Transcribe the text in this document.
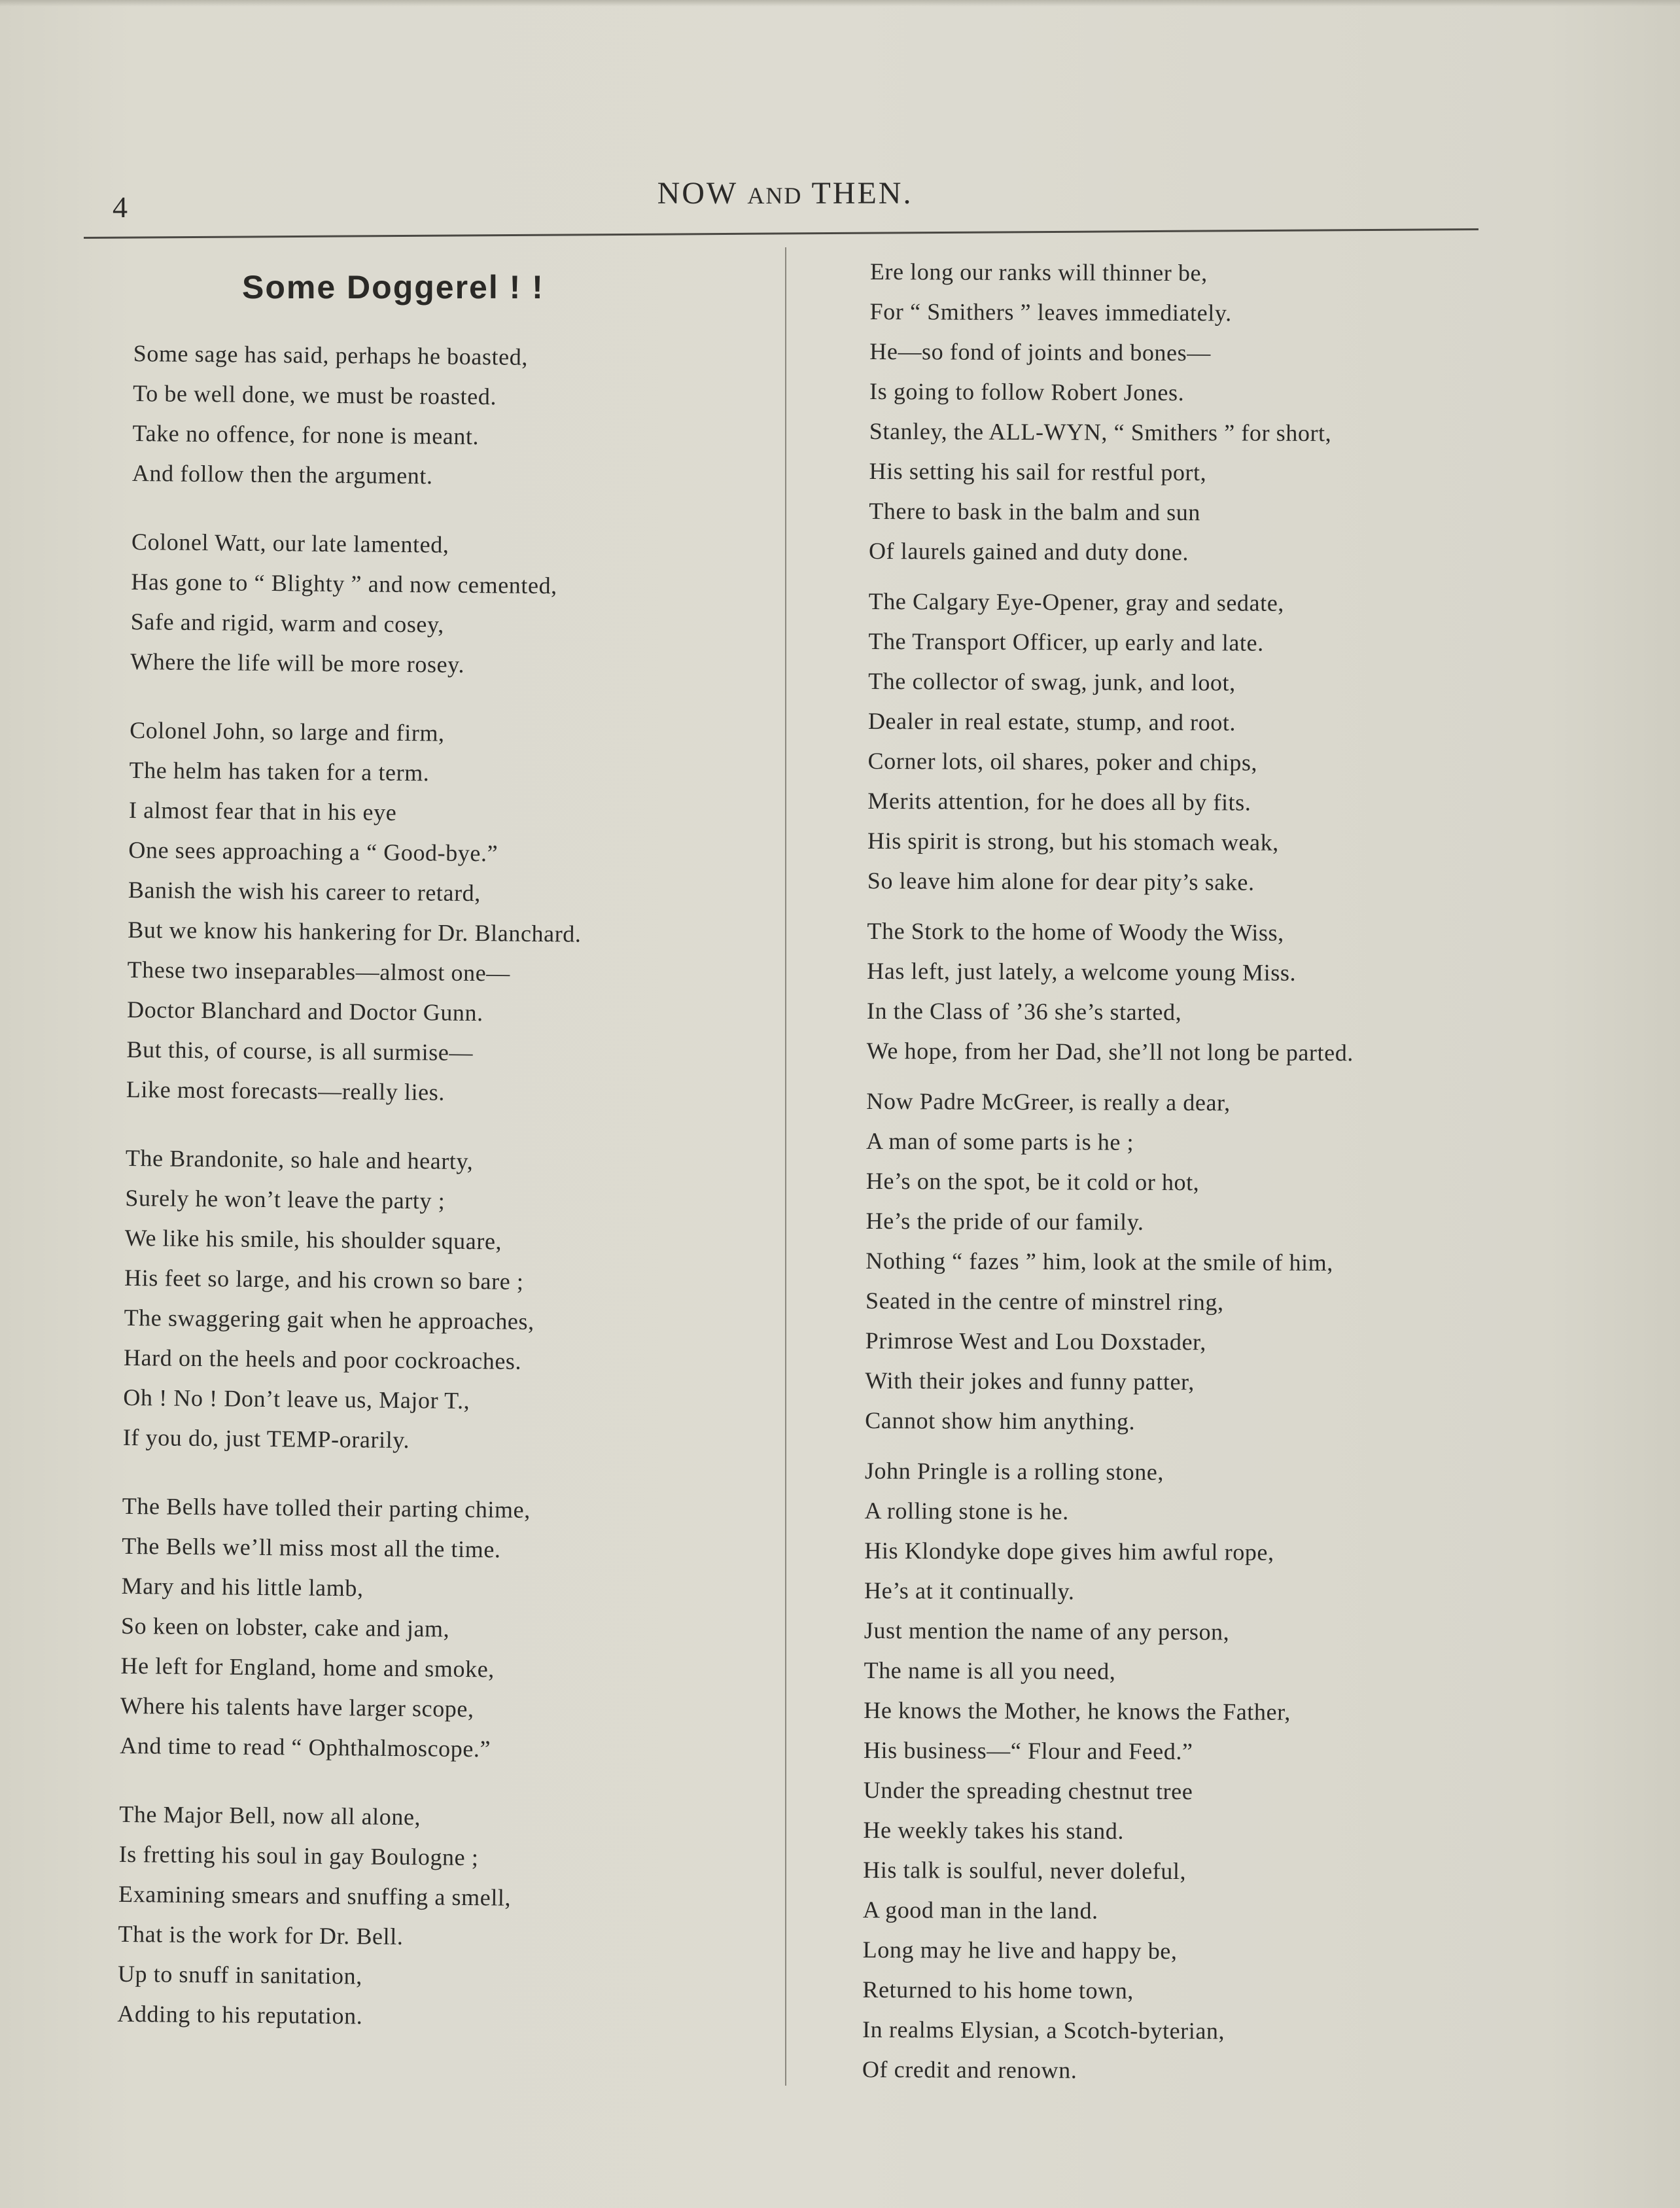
4	NOW AND THEN.
Some Doggerel ! !
Some sage has said, perhaps he boasted,
To be well done, we must be roasted.
Take no offence, for none is meant.
And follow then the argument.
Colonel Watt, our late lamented,
Has gone to “ Blighty ” and now cemented,
Safe and rigid, warm and cosey,
Where the life will be more rosey.
Colonel John, so large and firm,
The helm has taken for a term.
I almost fear that in his eye
One sees approaching a “ Good-bye.”
Banish the wish his career to retard,
But we know his hankering for Dr. Blanchard.
These two inseparables—almost one—
Doctor Blanchard and Doctor Gunn.
But this, of course, is all surmise—
Like most forecasts—really lies.
The Brandonite, so hale and hearty,
Surely he won’t leave the party ;
We like his smile, his shoulder square,
His feet so large, and his crown so bare ;
The swaggering gait when he approaches,
Hard on the heels and poor cockroaches.
Oh ! No ! Don’t leave us, Major T.,
If you do, just TEMP-orarily.
The Bells have tolled their parting chime,
The Bells we’ll miss most all the time.
Mary and his little lamb,
So keen on lobster, cake and jam,
He left for England, home and smoke,
Where his talents have larger scope,
And time to read “ Ophthalmoscope.”
The Major Bell, now all alone,
Is fretting his soul in gay Boulogne ;
Examining smears and snuffing a smell,
That is the work for Dr. Bell.
Up to snuff in sanitation,
Adding to his reputation.
Ere long our ranks will thinner be,
For “ Smithers ” leaves immediately.
He—so fond of joints and bones—
Is going to follow Robert Jones.
Stanley, the ALL-WYN, “ Smithers ” for short,
His setting his sail for restful port,
There to bask in the balm and sun
Of laurels gained and duty done.
The Calgary Eye-Opener, gray and sedate,
The Transport Officer, up early and late.
The collector of swag, junk, and loot,
Dealer in real estate, stump, and root.
Corner lots, oil shares, poker and chips,
Merits attention, for he does all by fits.
His spirit is strong, but his stomach weak,
So leave him alone for dear pity’s sake.
The Stork to the home of Woody the Wiss,
Has left, just lately, a welcome young Miss.
In the Class of ’36 she’s started,
We hope, from her Dad, she’ll not long be parted.
Now Padre McGreer, is really a dear,
A man of some parts is he ;
He’s on the spot, be it cold or hot,
He’s the pride of our family.
Nothing “ fazes ” him, look at the smile of him,
Seated in the centre of minstrel ring,
Primrose West and Lou Doxstader,
With their jokes and funny patter,
Cannot show him anything.
John Pringle is a rolling stone,
A rolling stone is he.
His Klondyke dope gives him awful rope,
He’s at it continually.
Just mention the name of any person,
The name is all you need,
He knows the Mother, he knows the Father,
His business—“ Flour and Feed.”
Under the spreading chestnut tree
He weekly takes his stand.
His talk is soulful, never doleful,
A good man in the land.
Long may he live and happy be,
Returned to his home town,
In realms Elysian, a Scotch-byterian,
Of credit and renown.
